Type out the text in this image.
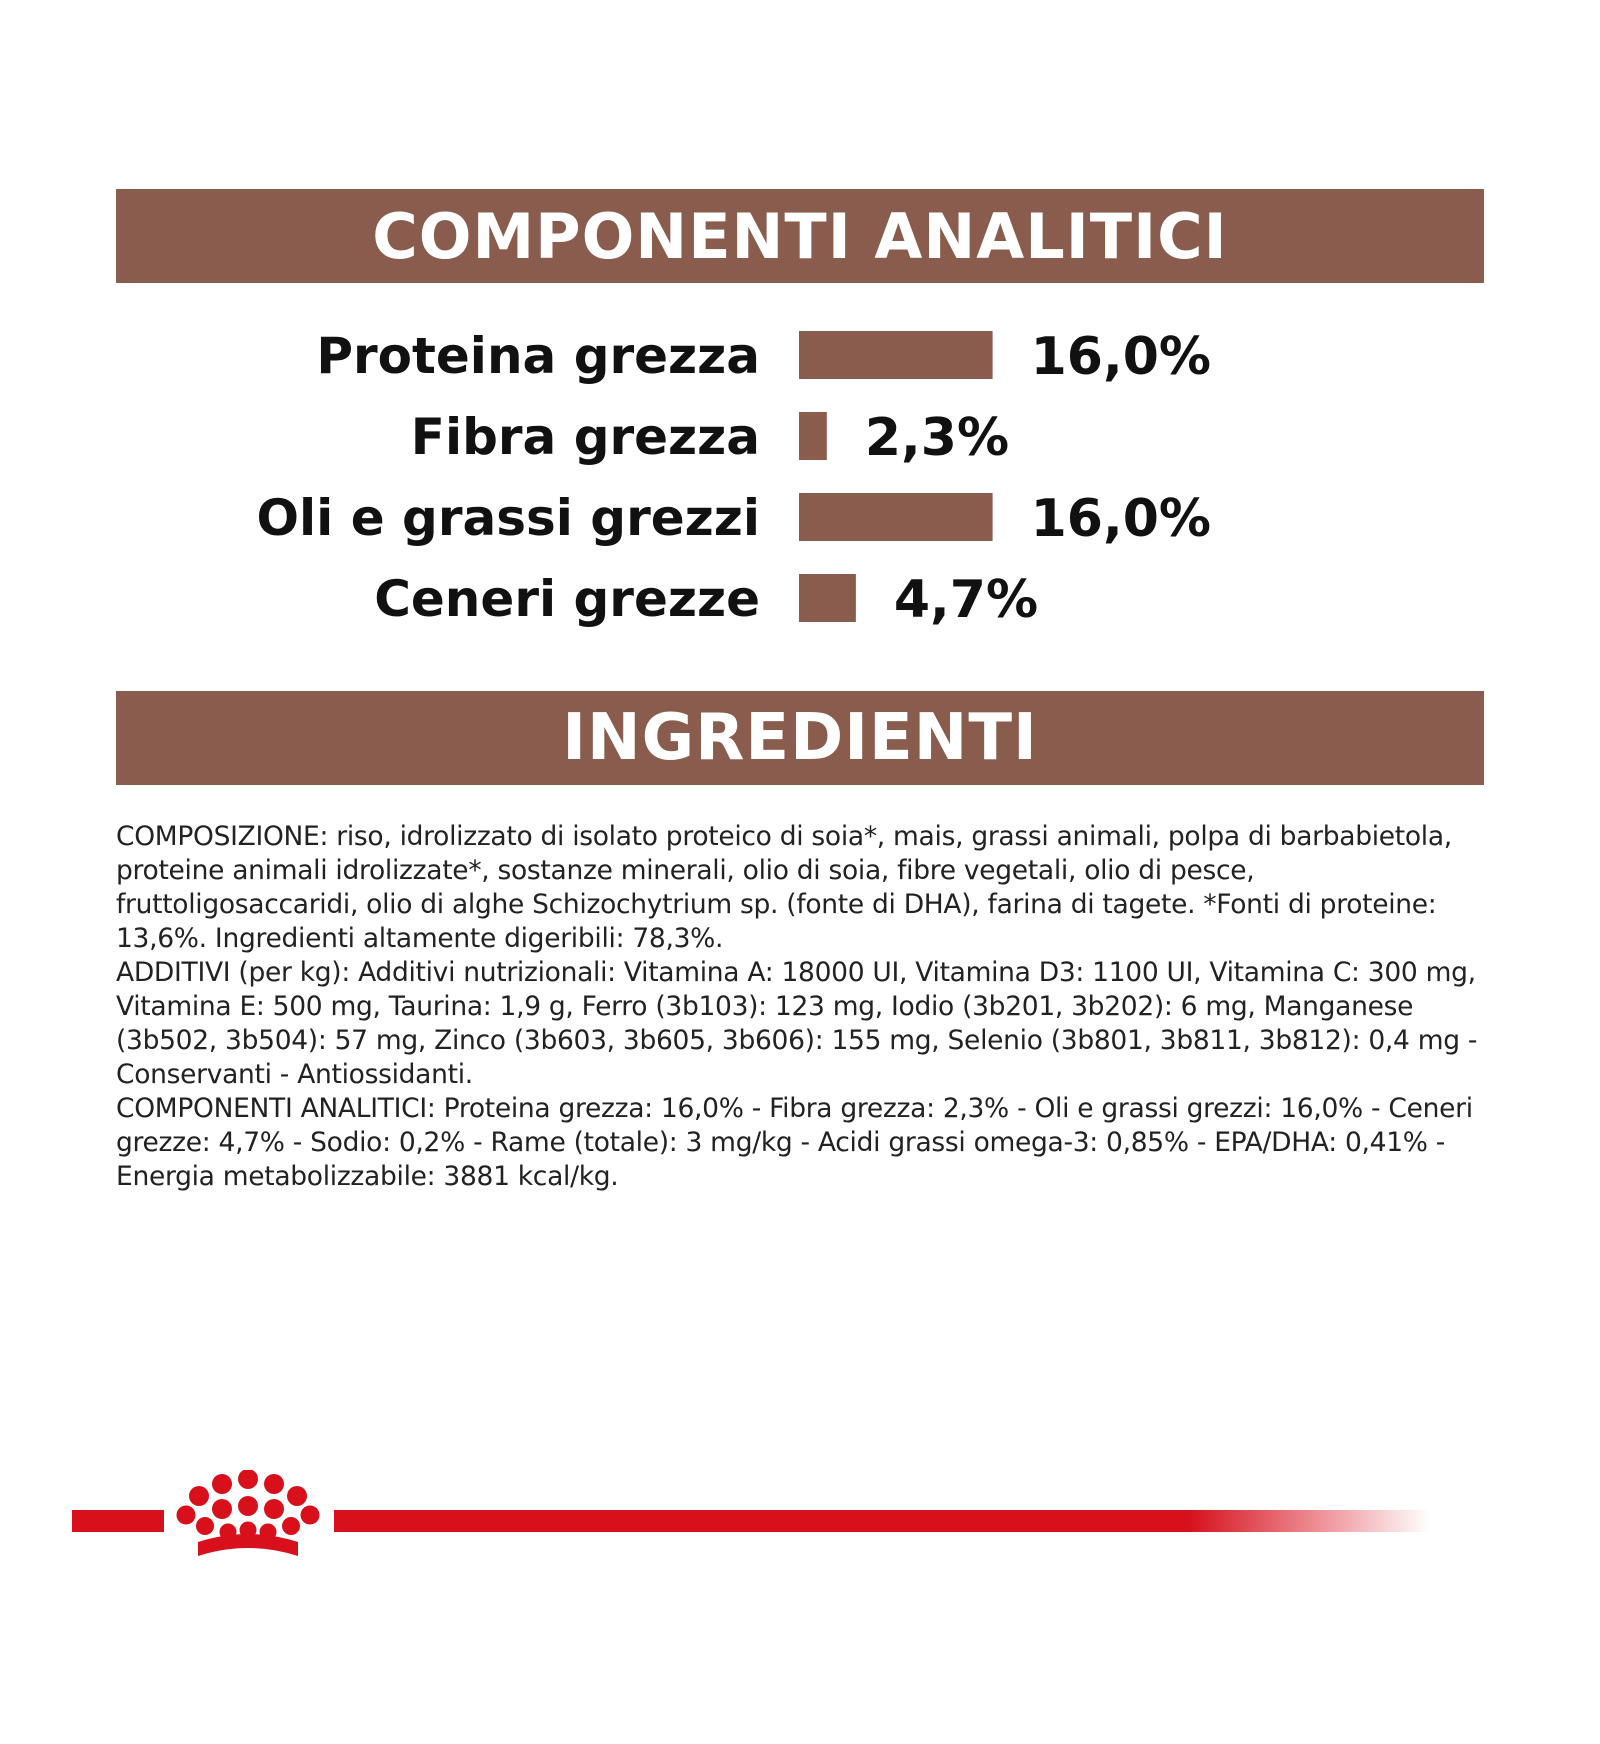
COMPONENTI ANALITICI
Proteina grezza	16,0%
Fibra grezza 2,3%
Oli e grassi grezzi	16,0%
Ceneri grezze	4,7%
INGREDIENTI

COMPOSIZIONE: riso, idrolizzato di isolato proteico di soia*, mais, grassi animali, polpa di barbabietola, proteine animali idrolizzate*, sostanze minerali, olio di soia, fibre vegetali, olio di pesce, fruttoligosaccaridi, olio di alghe Schizochytrium sp. (fonte di DHA), farina di tagete. *Fonti di proteine: 13,6%. Ingredienti altamente digeribili: 78,3%.

ADDITIVI (per kg): Additivi nutrizionali: Vitamina A: 18000 UI, Vitamina D3: 1100 UI, Vitamina C: 300 mg, Vitamina E: 500 mg, Taurina: 1,9 g, Ferro (3b103): 123 mg, Iodio (3b201, 3b202): 6 mg, Manganese (3b502, 3b504): 57 mg, Zinco (3b603, 3b605, 3b606): 155 mg, Selenio (3b801, 3b811, 3b812): 0,4 mg - Conservanti - Antiossidanti.

COMPONENTI ANALITICI: Proteina grezza: 16,0% - Fibra grezza: 2,3% - Oli e grassi grezzi: 16,0% - Ceneri grezze: 4,7% - Sodio: 0,2% - Rame (totale): 3 mg/kg - Acidi grassi omega-3: 0,85% - EPA/DHA: 0,41% - Energia metabolizzabile: 3881 kcal/kg.
